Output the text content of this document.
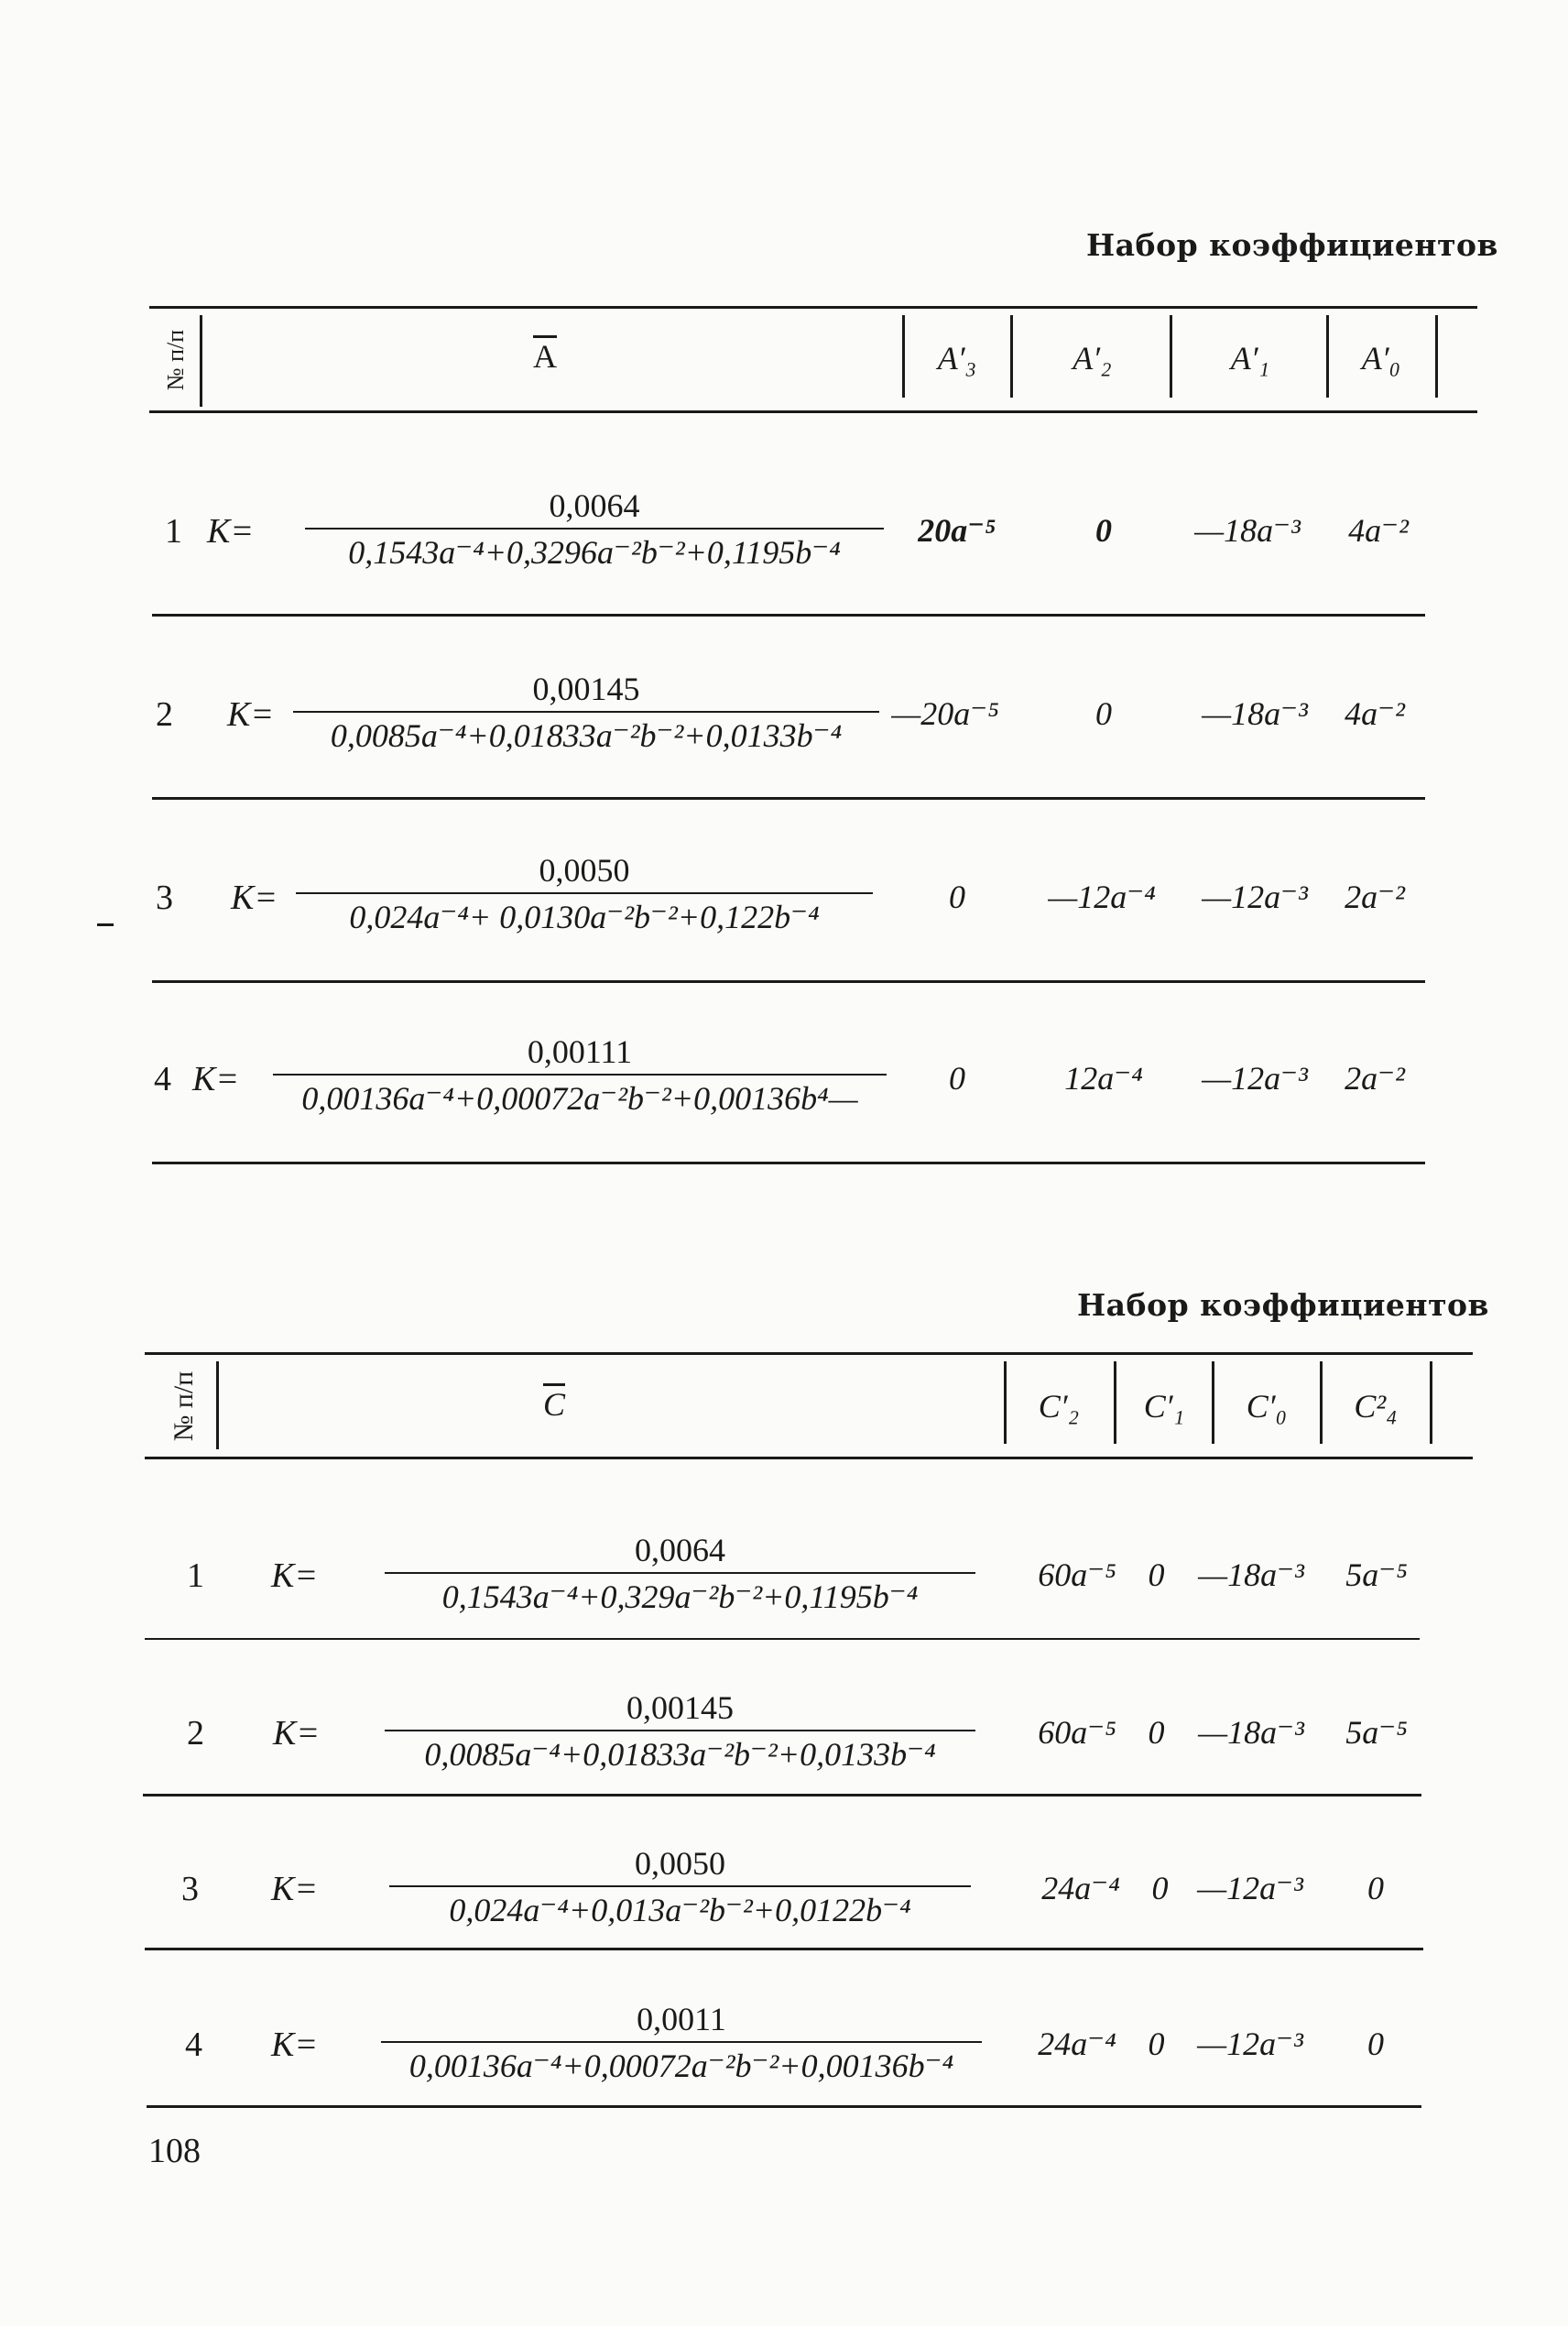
Набор коэффициентов
№ п/п	$\overline{A}$	A′₃	A′₂	A′₁	A′₀
1 K=
0,0064
0,1543a⁻⁴+0,3296a⁻²b⁻²+0,1195b⁻⁴
20a⁻⁵	0	—18a⁻³	4a⁻²
2 K=
0,00145
0,0085a⁻⁴+0,01833a⁻²b⁻²+0,0133b⁻⁴
—20a⁻⁵	0	—18a⁻³	4a⁻²
3 K=
0,0050
0,024a⁻⁴+ 0,0130a⁻²b⁻²+0,122b⁻⁴
0	—12a⁻⁴	—12a⁻³	2a⁻²
4 K=
0,00111
0,00136a⁻⁴+0,00072a⁻²b⁻²+0,00136b⁴—
0	12a⁻⁴	—12a⁻³	2a⁻²
Набор коэффициентов
№ п/п	$\overline{C}$	C′₂	C′₁	C′₀	C²₄
1 K=
0,0064
0,1543a⁻⁴+0,329a⁻²b⁻²+0,1195b⁻⁴
60a⁻⁵ 0	—18a⁻³	5a⁻⁵
2 K=
0,00145
0,0085a⁻⁴+0,01833a⁻²b⁻²+0,0133b⁻⁴
60a⁻⁵ 0	—18a⁻³	5a⁻⁵
3 K=
0,0050
0,024a⁻⁴+0,013a⁻²b⁻²+0,0122b⁻⁴
24a⁻⁴ 0 —12a⁻³	0
4 K=
0,0011
0,00136a⁻⁴+0,00072a⁻²b⁻²+0,00136b⁻⁴
24a⁻⁴ 0 —12a⁻³	0
108
